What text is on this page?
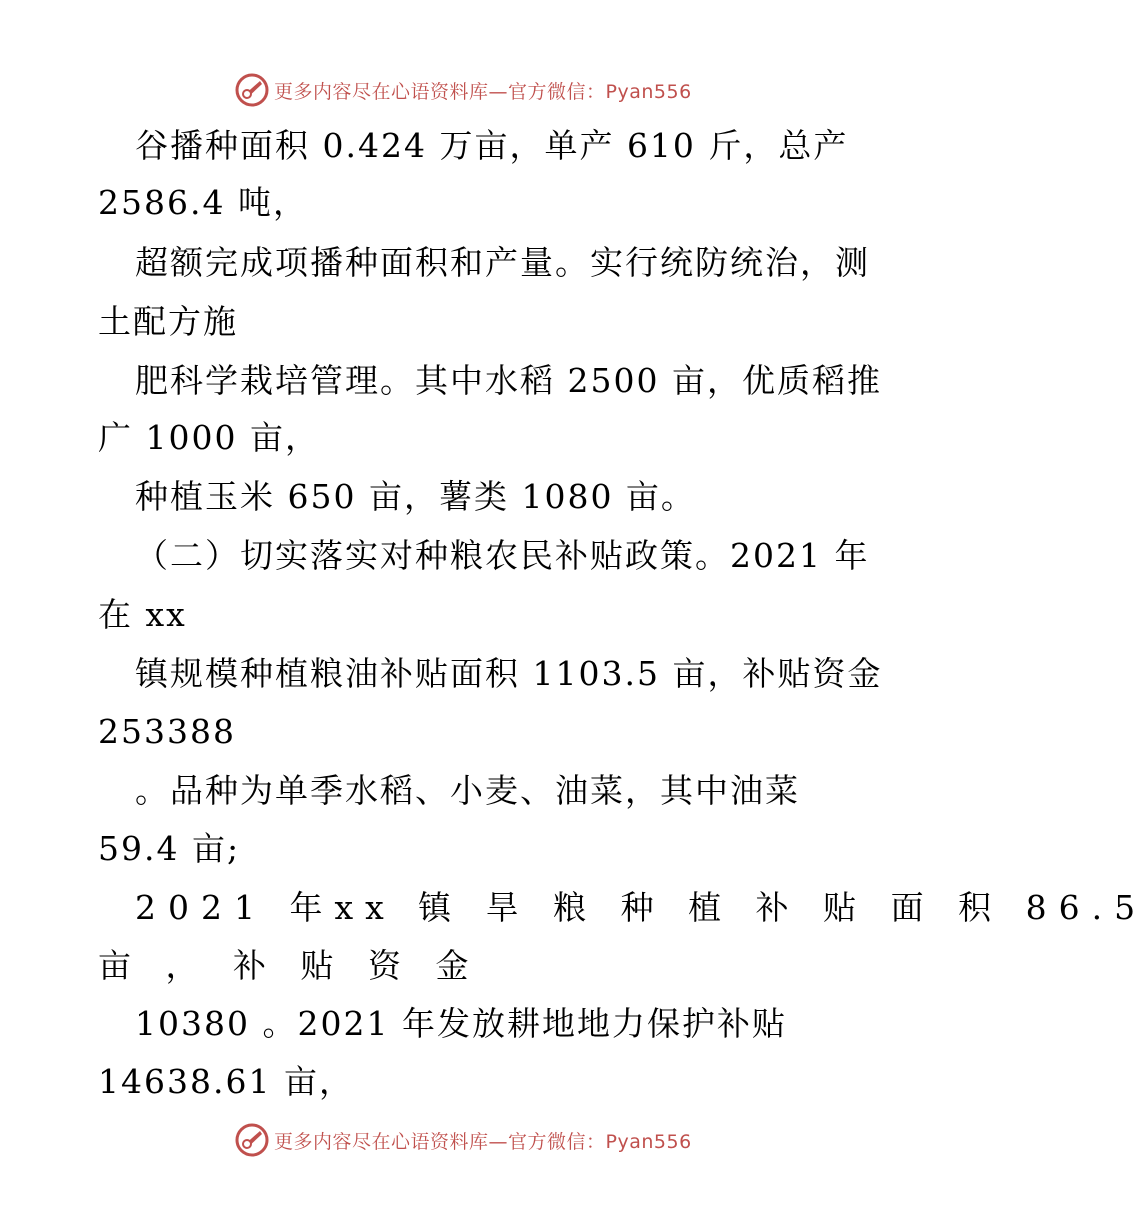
更多内容尽在心语资料库—官方微信：Pyan556
谷播种面积 0.424 万亩，单产 610 斤，总产
2586.4 吨，
超额完成项播种面积和产量。实行统防统治，测
土配方施
肥科学栽培管理。其中水稻 2500 亩，优质稻推
广 1000 亩，
种植玉米 650 亩，薯类 1080 亩。
（二）切实落实对种粮农民补贴政策。2021 年
在 xx
镇规模种植粮油补贴面积 1103.5 亩，补贴资金
253388
。品种为单季水稻、小麦、油菜，其中油菜
59.4 亩;
2021 年xx 镇 旱 粮 种 植 补 贴 面 积 86.5
亩 ， 补 贴 资 金
10380 。2021 年发放耕地地力保护补贴
14638.61 亩，
更多内容尽在心语资料库—官方微信：Pyan556
